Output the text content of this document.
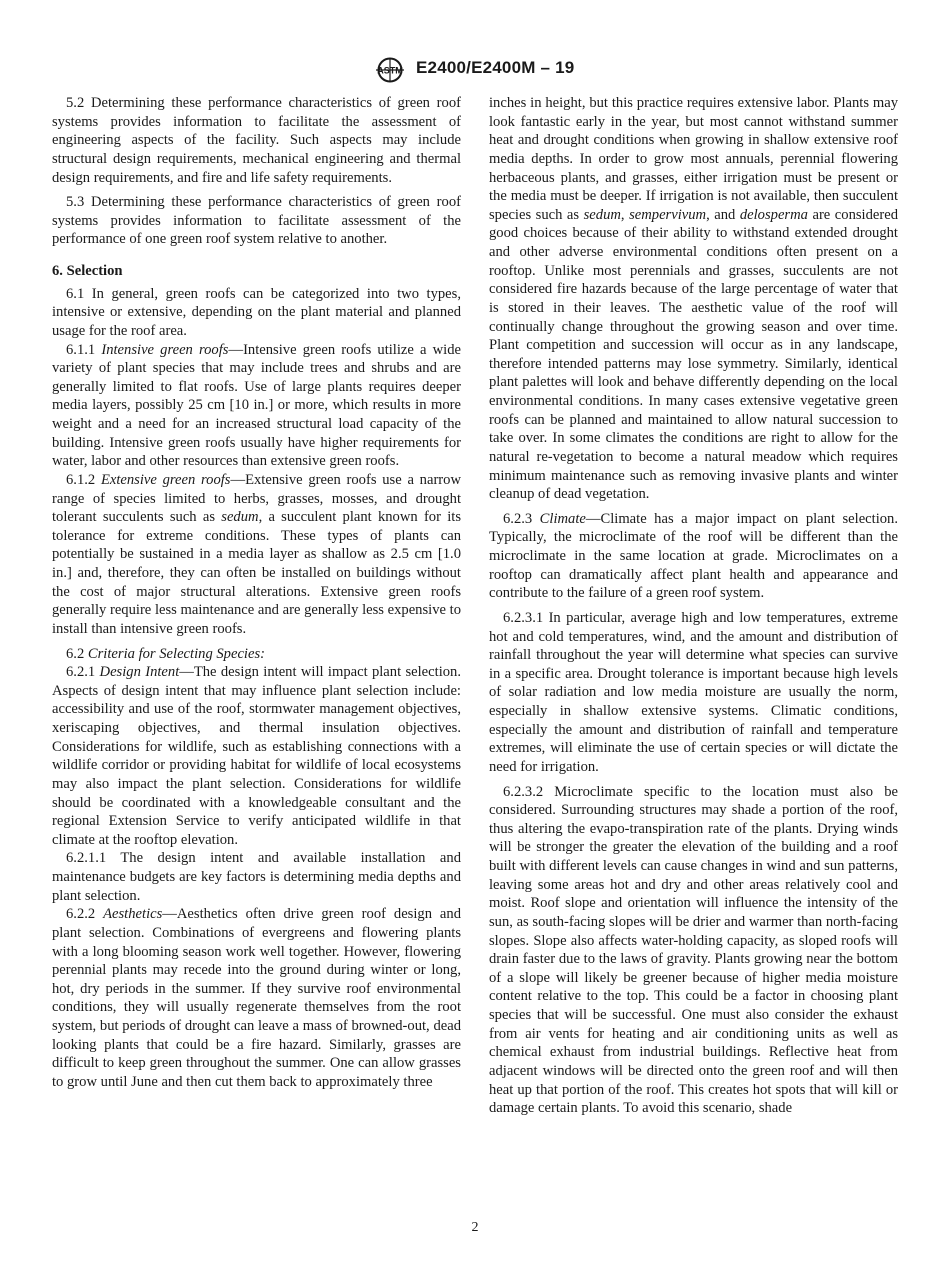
ASTM E2400/E2400M – 19

5.2 Determining these performance characteristics of green roof systems provides information to facilitate the assessment of engineering aspects of the facility. Such aspects may include structural design requirements, mechanical engineering and thermal design requirements, and fire and life safety requirements.

5.3 Determining these performance characteristics of green roof systems provides information to facilitate assessment of the performance of one green roof system relative to another.

6. Selection

6.1 In general, green roofs can be categorized into two types, intensive or extensive, depending on the plant material and planned usage for the roof area.

6.1.1 Intensive green roofs—Intensive green roofs utilize a wide variety of plant species that may include trees and shrubs and are generally limited to flat roofs. Use of large plants requires deeper media layers, possibly 25 cm [10 in.] or more, which results in more weight and a need for an increased structural load capacity of the building. Intensive green roofs usually have higher requirements for water, labor and other resources than extensive green roofs.

6.1.2 Extensive green roofs—Extensive green roofs use a narrow range of species limited to herbs, grasses, mosses, and drought tolerant succulents such as sedum, a succulent plant known for its tolerance for extreme conditions. These types of plants can potentially be sustained in a media layer as shallow as 2.5 cm [1.0 in.] and, therefore, they can often be installed on buildings without the cost of major structural alterations. Extensive green roofs generally require less maintenance and are generally less expensive to install than intensive green roofs.

6.2 Criteria for Selecting Species:

6.2.1 Design Intent—The design intent will impact plant selection. Aspects of design intent that may influence plant selection include: accessibility and use of the roof, stormwater management objectives, xeriscaping objectives, and thermal insulation objectives. Considerations for wildlife, such as establishing connections with a wildlife corridor or providing habitat for wildlife of local ecosystems may also impact the plant selection. Considerations for wildlife should be coordinated with a knowledgeable consultant and the regional Extension Service to verify anticipated wildlife in that climate at the rooftop elevation.

6.2.1.1 The design intent and available installation and maintenance budgets are key factors is determining media depths and plant selection.

6.2.2 Aesthetics—Aesthetics often drive green roof design and plant selection. Combinations of evergreens and flowering plants with a long blooming season work well together. However, flowering perennial plants may recede into the ground during winter or long, hot, dry periods in the summer. If they survive roof environmental conditions, they will usually regenerate themselves from the root system, but periods of drought can leave a mass of browned-out, dead looking plants that could be a fire hazard. Similarly, grasses are difficult to keep green throughout the summer. One can allow grasses to grow until June and then cut them back to approximately three

inches in height, but this practice requires extensive labor. Plants may look fantastic early in the year, but most cannot withstand summer heat and drought conditions when growing in shallow extensive roof media depths. In order to grow most annuals, perennial flowering herbaceous plants, and grasses, either irrigation must be present or the media must be deeper. If irrigation is not available, then succulent species such as sedum, sempervivum, and delosperma are considered good choices because of their ability to withstand extended drought and other adverse environmental conditions often present on a rooftop. Unlike most perennials and grasses, succulents are not considered fire hazards because of the large percentage of water that is stored in their leaves. The aesthetic value of the roof will continually change throughout the growing season and over time. Plant competition and succession will occur as in any landscape, therefore intended patterns may lose symmetry. Similarly, identical plant palettes will look and behave differently depending on the local environmental conditions. In many cases extensive vegetative green roofs can be planned and maintained to allow natural succession to take over. In some climates the conditions are right to allow for the natural re-vegetation to become a natural meadow which requires minimum maintenance such as removing invasive plants and winter cleanup of dead vegetation.

6.2.3 Climate—Climate has a major impact on plant selection. Typically, the microclimate of the roof will be different than the microclimate in the same location at grade. Microclimates on a rooftop can dramatically affect plant health and appearance and contribute to the failure of a green roof system.

6.2.3.1 In particular, average high and low temperatures, extreme hot and cold temperatures, wind, and the amount and distribution of rainfall throughout the year will determine what species can survive in a specific area. Drought tolerance is important because high levels of solar radiation and low media moisture are usually the norm, especially in shallow extensive systems. Climatic conditions, especially the amount and distribution of rainfall and temperature extremes, will eliminate the use of certain species or will dictate the need for irrigation.

6.2.3.2 Microclimate specific to the location must also be considered. Surrounding structures may shade a portion of the roof, thus altering the evapo-transpiration rate of the plants. Drying winds will be stronger the greater the elevation of the building and a roof built with different levels can cause changes in wind and sun patterns, leaving some areas hot and dry and other areas relatively cool and moist. Roof slope and orientation will influence the intensity of the sun, as south-facing slopes will be drier and warmer than north-facing slopes. Slope also affects water-holding capacity, as sloped roofs will drain faster due to the laws of gravity. Plants growing near the bottom of a slope will likely be greener because of higher media moisture content relative to the top. This could be a factor in choosing plant species that will be successful. One must also consider the exhaust from air vents for heating and air conditioning units as well as chemical exhaust from industrial buildings. Reflective heat from adjacent windows will be directed onto the green roof and will then heat up that portion of the roof. This creates hot spots that will kill or damage certain plants. To avoid this scenario, shade

2
